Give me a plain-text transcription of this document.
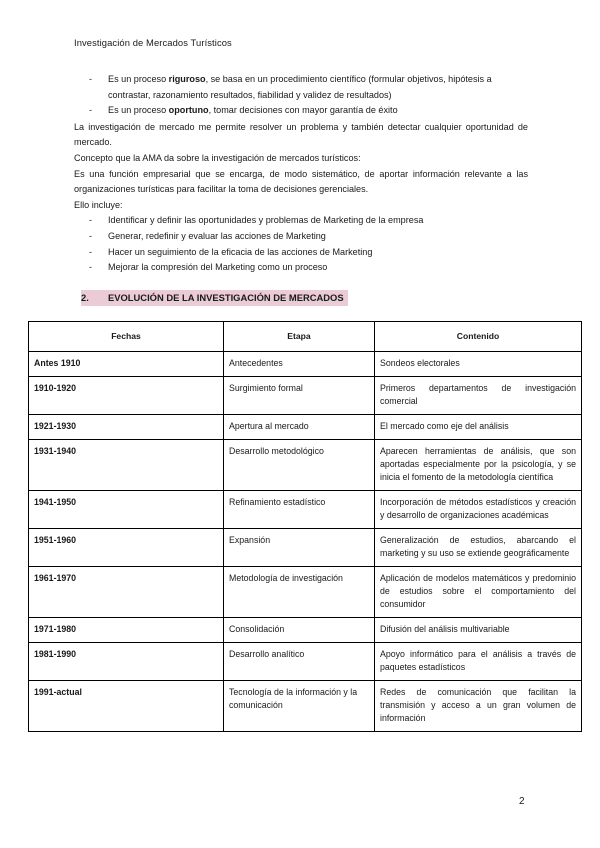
Investigación de Mercados Turísticos
- Es un proceso riguroso, se basa en un procedimiento científico (formular objetivos, hipótesis a contrastar, razonamiento resultados, fiabilidad y validez de resultados)
- Es un proceso oportuno, tomar decisiones con mayor garantía de éxito

La investigación de mercado me permite resolver un problema y también detectar cualquier oportunidad de mercado.

Concepto que la AMA da sobre la investigación de mercados turísticos:

Es una función empresarial que se encarga, de modo sistemático, de aportar información relevante a las organizaciones turísticas para facilitar la toma de decisiones gerenciales.

Ello incluye:

- Identificar y definir las oportunidades y problemas de Marketing de la empresa
- Generar, redefinir y evaluar las acciones de Marketing
- Hacer un seguimiento de la eficacia de las acciones de Marketing
- Mejorar la compresión del Marketing como un proceso
2. EVOLUCIÓN DE LA INVESTIGACIÓN DE MERCADOS
Fechas	Etapa	Contenido
Antes 1910	Antecedentes	Sondeos electorales
1910-1920	Surgimiento formal	Primeros departamentos de investigación comercial
1921-1930	Apertura al mercado	El mercado como eje del análisis
1931-1940	Desarrollo metodológico	Aparecen herramientas de análisis, que son aportadas especialmente por la psicología, y se inicia el fomento de la metodología científica
1941-1950	Refinamiento estadístico	Incorporación de métodos estadísticos y creación y desarrollo de organizaciones académicas
1951-1960	Expansión	Generalización de estudios, abarcando el marketing y su uso se extiende geográficamente
1961-1970	Metodología de investigación	Aplicación de modelos matemáticos y predominio de estudios sobre el comportamiento del consumidor
1971-1980	Consolidación	Difusión del análisis multivariable
1981-1990	Desarrollo analítico	Apoyo informático para el análisis a través de paquetes estadísticos
1991-actual	Tecnología de la información y la comunicación	Redes de comunicación que facilitan la transmisión y acceso a un gran volumen de información
2
